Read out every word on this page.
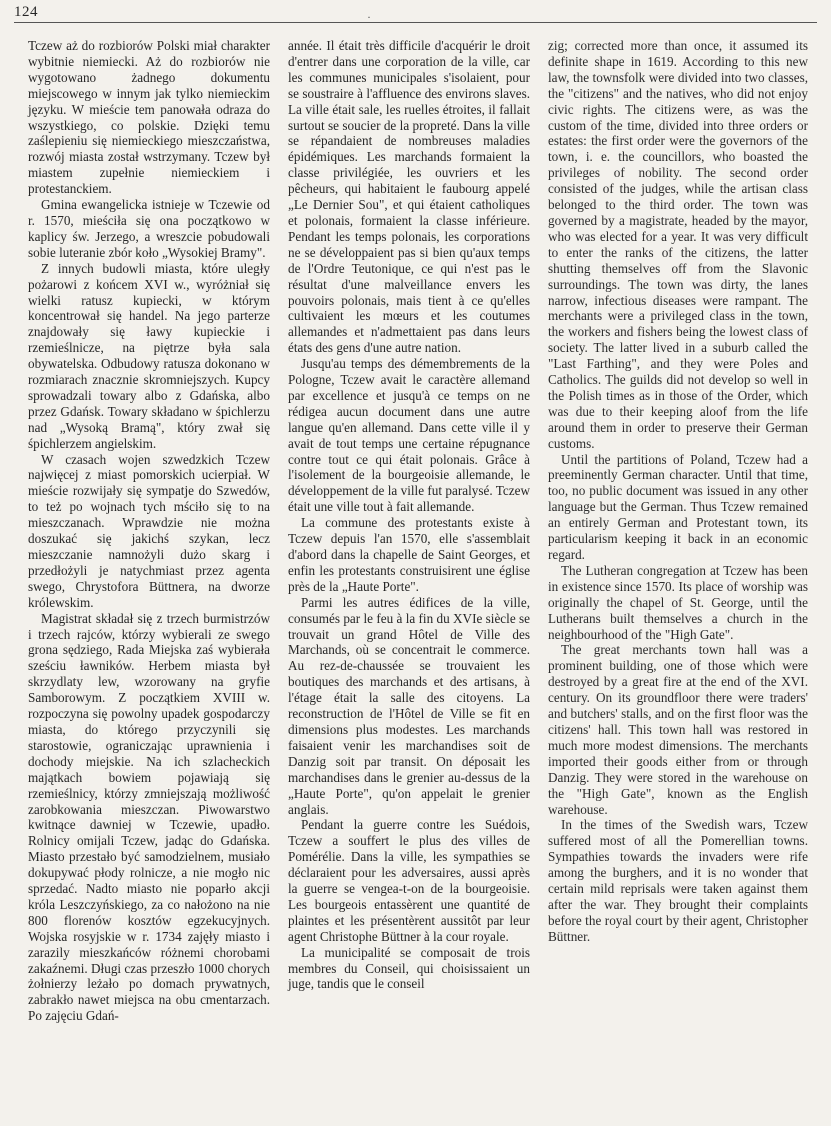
124	·

Tczew aż do rozbiorów Polski miał charakter wybitnie niemiecki. Aż do rozbiorów nie wygotowano żadnego dokumentu miejscowego w innym jak tylko niemieckim języku. W mieście tem panowała odraza do wszystkiego, co polskie. Dzięki temu zaślepieniu się niemieckiego mieszczaństwa, rozwój miasta został wstrzymany. Tczew był miastem zupełnie niemieckiem i protestanckiem.

Gmina ewangelicka istnieje w Tczewie od r. 1570, mieściła się ona początkowo w kaplicy św. Jerzego, a wreszcie pobudowali sobie luteranie zbór koło „Wysokiej Bramy".

Z innych budowli miasta, które uległy pożarowi z końcem XVI w., wyróżniał się wielki ratusz kupiecki, w którym koncentrował się handel. Na jego parterze znajdowały się ławy kupieckie i rzemieślnicze, na piętrze była sala obywatelska. Odbudowy ratusza dokonano w rozmiarach znacznie skromniejszych. Kupcy sprowadzali towary albo z Gdańska, albo przez Gdańsk. Towary składano w śpichlerzu nad „Wysoką Bramą", który zwał się śpichlerzem angielskim.

W czasach wojen szwedzkich Tczew najwięcej z miast pomorskich ucierpiał. W mieście rozwijały się sympatje do Szwedów, to też po wojnach tych mściło się to na mieszczanach. Wprawdzie nie można doszukać się jakichś szykan, lecz mieszczanie namnożyli dużo skarg i przedłożyli je natychmiast przez agenta swego, Chrystofora Büttnera, na dworze królewskim.

Magistrat składał się z trzech burmistrzów i trzech rajców, którzy wybierali ze swego grona sędziego, Rada Miejska zaś wybierała sześciu ławników. Herbem miasta był skrzydlaty lew, wzorowany na gryfie Samborowym. Z początkiem XVIII w. rozpoczyna się powolny upadek gospodarczy miasta, do którego przyczynili się starostowie, ograniczając uprawnienia i dochody miejskie. Na ich szlacheckich majątkach bowiem pojawiają się rzemieślnicy, którzy zmniejszają możliwość zarobkowania mieszczan. Piwowarstwo kwitnące dawniej w Tczewie, upadło. Rolnicy omijali Tczew, jadąc do Gdańska. Miasto przestało być samodzielnem, musiało dokupywać płody rolnicze, a nie mogło nic sprzedać. Nadto miasto nie poparło akcji króla Leszczyńskiego, za co nałożono na nie 800 florenów kosztów egzekucyjnych. Wojska rosyjskie w r. 1734 zajęły miasto i zarazily mieszkańców różnemi chorobami zakaźnemi. Długi czas przeszło 1000 chorych żołnierzy leżało po domach prywatnych, zabrakło nawet miejsca na obu cmentarzach. Po zajęciu Gdań-

année. Il était très difficile d'acquérir le droit d'entrer dans une corporation de la ville, car les communes municipales s'isolaient, pour se soustraire à l'affluence des environs slaves. La ville était sale, les ruelles étroites, il fallait surtout se soucier de la propreté. Dans la ville se répandaient de nombreuses maladies épidémiques. Les marchands formaient la classe privilégiée, les ouvriers et les pêcheurs, qui habitaient le faubourg appelé „Le Dernier Sou", et qui étaient catholiques et polonais, formaient la classe inférieure. Pendant les temps polonais, les corporations ne se développaient pas si bien qu'aux temps de l'Ordre Teutonique, ce qui n'est pas le résultat d'une malveillance envers les pouvoirs polonais, mais tient à ce qu'elles cultivaient les mœurs et les coutumes allemandes et n'admettaient pas dans leurs états des gens d'une autre nation.

Jusqu'au temps des démembrements de la Pologne, Tczew avait le caractère allemand par excellence et jusqu'à ce temps on ne rédigea aucun document dans une autre langue qu'en allemand. Dans cette ville il y avait de tout temps une certaine répugnance contre tout ce qui était polonais. Grâce à l'isolement de la bourgeoisie allemande, le développement de la ville fut paralysé. Tczew était une ville tout à fait allemande.

La commune des protestants existe à Tczew depuis l'an 1570, elle s'assemblait d'abord dans la chapelle de Saint Georges, et enfin les protestants construisirent une église près de la „Haute Porte".

Parmi les autres édifices de la ville, consumés par le feu à la fin du XVIe siècle se trouvait un grand Hôtel de Ville des Marchands, où se concentrait le commerce. Au rez-de-chaussée se trouvaient les boutiques des marchands et des artisans, à l'étage était la salle des citoyens. La reconstruction de l'Hôtel de Ville se fit en dimensions plus modestes. Les marchands faisaient venir les marchandises soit de Danzig soit par transit. On déposait les marchandises dans le grenier au-dessus de la „Haute Porte", qu'on appelait le grenier anglais.

Pendant la guerre contre les Suédois, Tczew a souffert le plus des villes de Pomérélie. Dans la ville, les sympathies se déclaraient pour les adversaires, aussi après la guerre se vengea-t-on de la bourgeoisie. Les bourgeois entassèrent une quantité de plaintes et les présentèrent aussitôt par leur agent Christophe Büttner à la cour royale.

La municipalité se composait de trois membres du Conseil, qui choisissaient un juge, tandis que le conseil

zig; corrected more than once, it assumed its definite shape in 1619. According to this new law, the townsfolk were divided into two classes, the "citizens" and the natives, who did not enjoy civic rights. The citizens were, as was the custom of the time, divided into three orders or estates: the first order were the governors of the town, i. e. the councillors, who boasted the privileges of nobility. The second order consisted of the judges, while the artisan class belonged to the third order. The town was governed by a magistrate, headed by the mayor, who was elected for a year. It was very difficult to enter the ranks of the citizens, the latter shutting themselves off from the Slavonic surroundings. The town was dirty, the lanes narrow, infectious diseases were rampant. The merchants were a privileged class in the town, the workers and fishers being the lowest class of society. The latter lived in a suburb called the "Last Farthing", and they were Poles and Catholics. The guilds did not develop so well in the Polish times as in those of the Order, which was due to their keeping aloof from the life around them in order to preserve their German customs.

Until the partitions of Poland, Tczew had a preeminently German character. Until that time, too, no public document was issued in any other language but the German. Thus Tczew remained an entirely German and Protestant town, its particularism keeping it back in an economic regard.

The Lutheran congregation at Tczew has been in existence since 1570. Its place of worship was originally the chapel of St. George, until the Lutherans built themselves a church in the neighbourhood of the "High Gate".

The great merchants town hall was a prominent building, one of those which were destroyed by a great fire at the end of the XVI. century. On its groundfloor there were traders' and butchers' stalls, and on the first floor was the citizens' hall. This town hall was restored in much more modest dimensions. The merchants imported their goods either from or through Danzig. They were stored in the warehouse on the "High Gate", known as the English warehouse.

In the times of the Swedish wars, Tczew suffered most of all the Pomerellian towns. Sympathies towards the invaders were rife among the burghers, and it is no wonder that certain mild reprisals were taken against them after the war. They brought their complaints before the royal court by their agent, Christopher Büttner.
